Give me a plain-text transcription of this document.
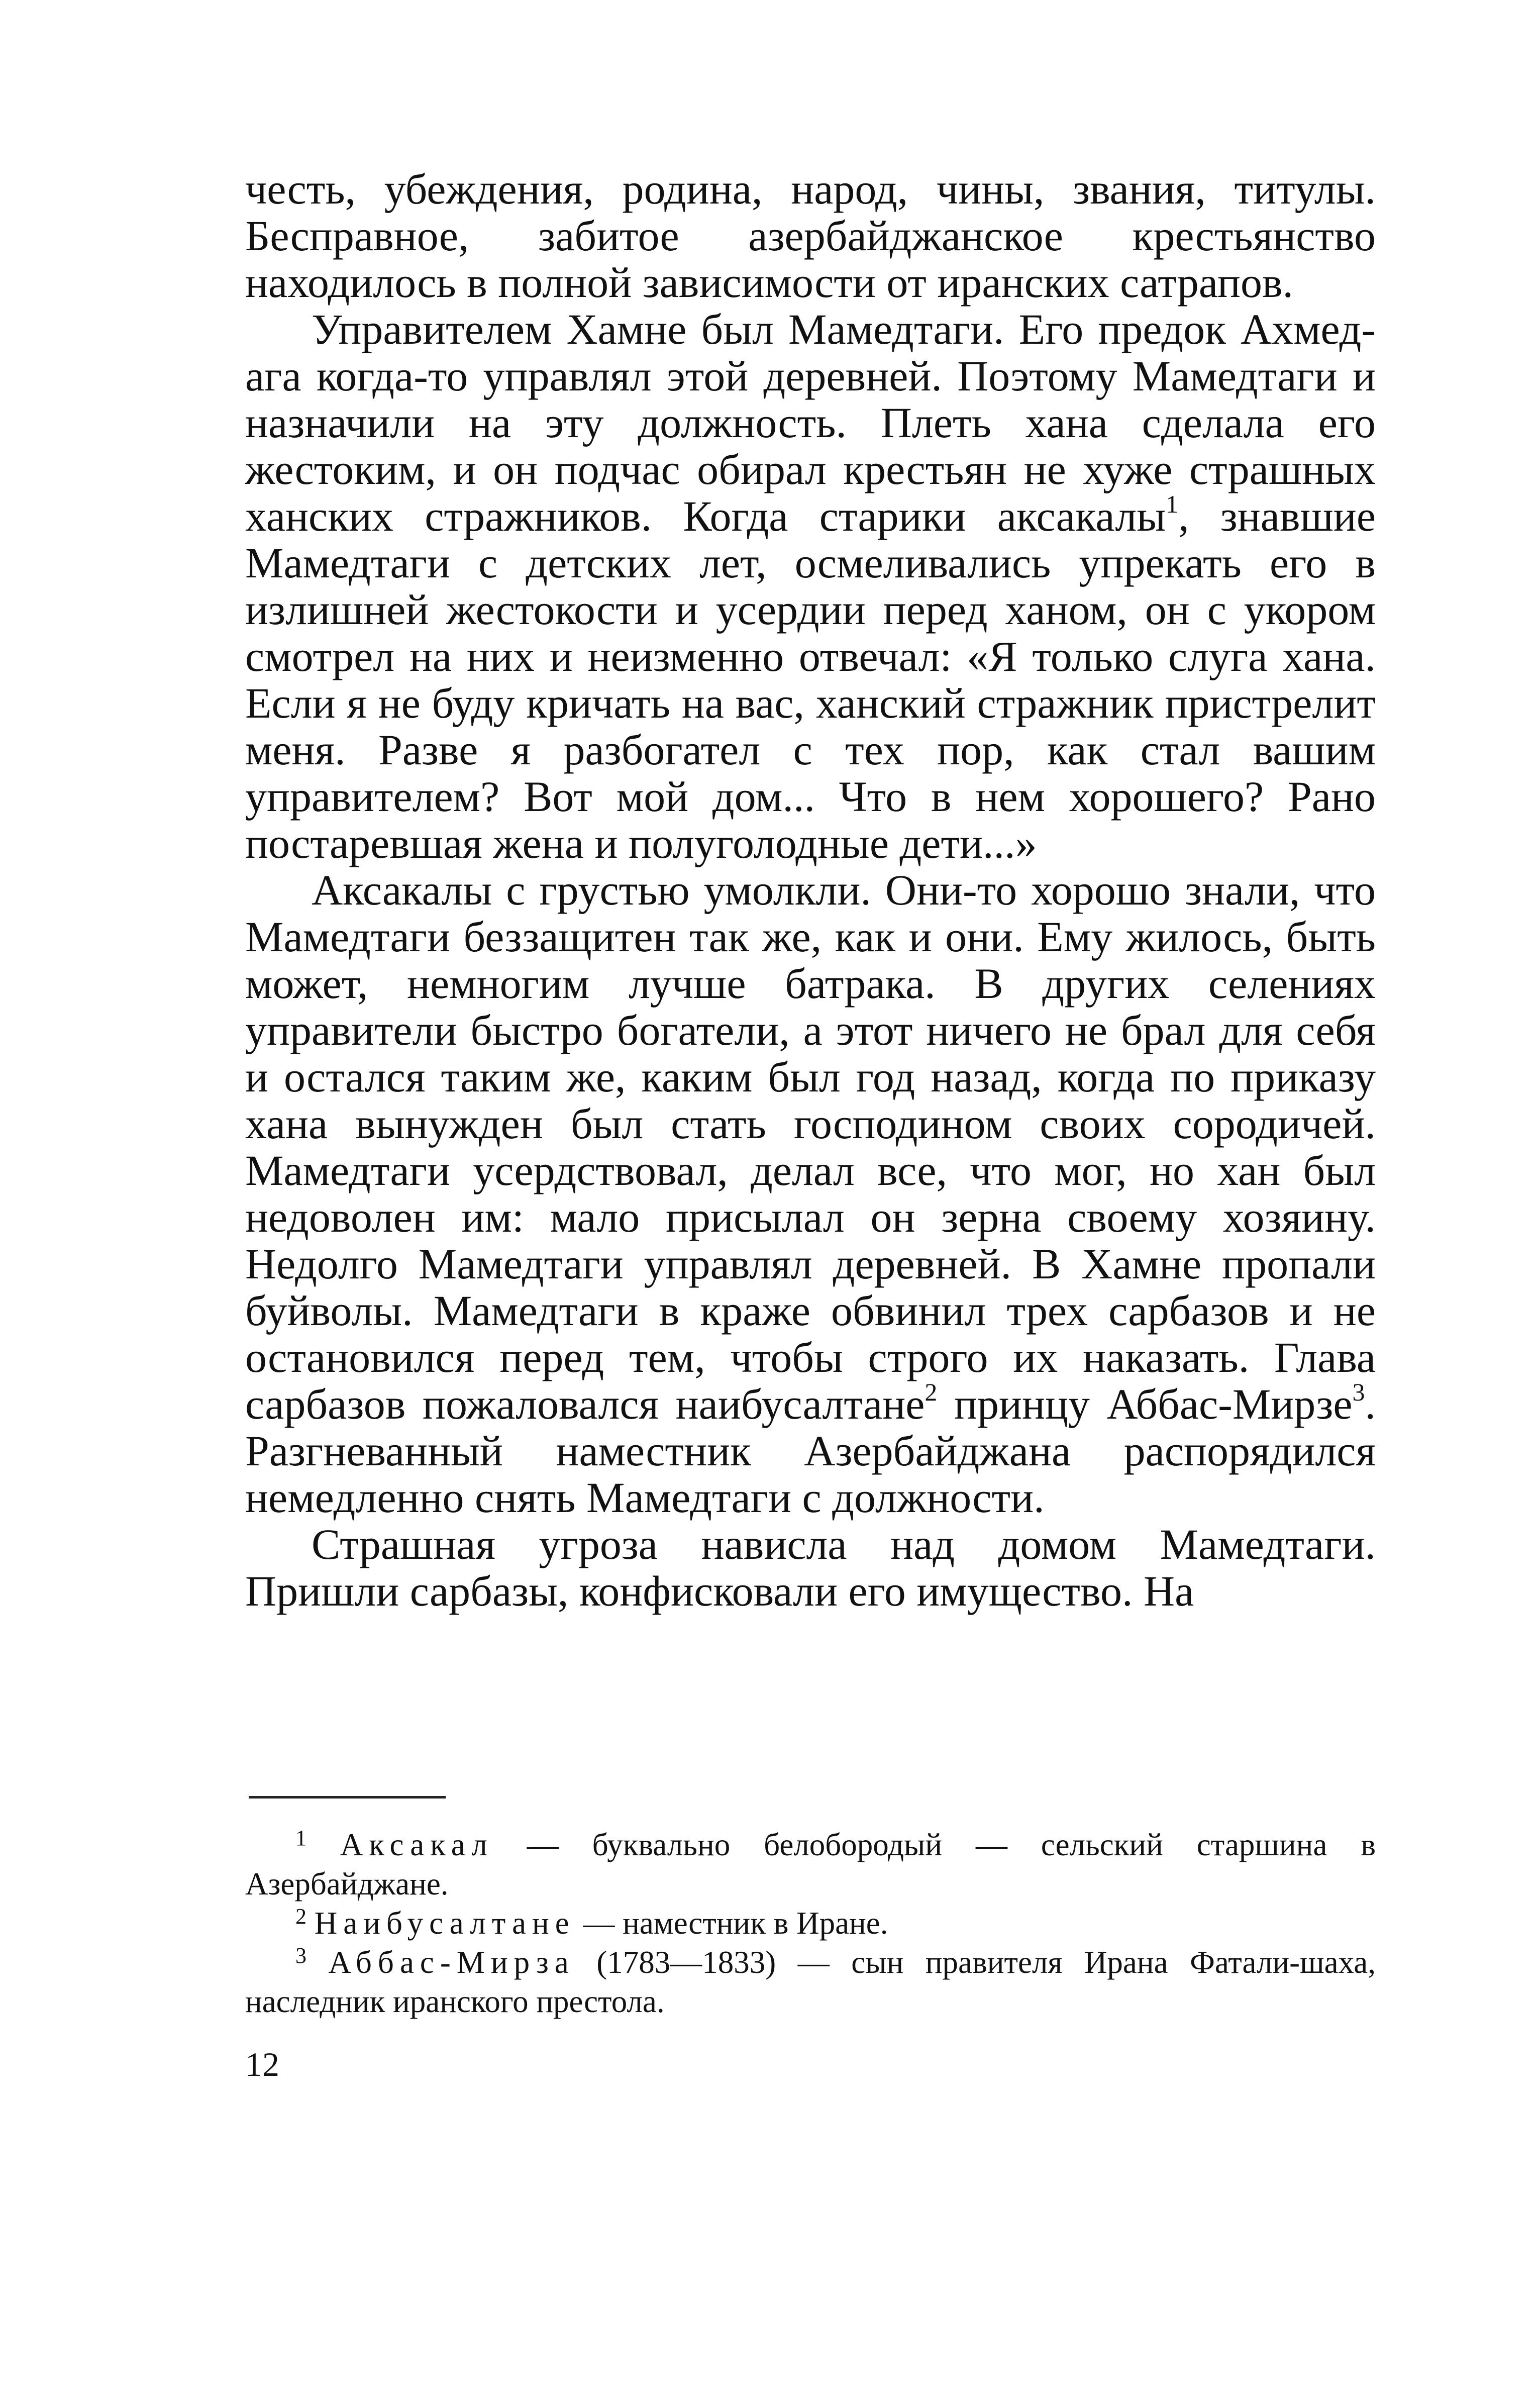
честь, убеждения, родина, народ, чины, звания, титулы. Бесправное, забитое азербайджанское крестьянство находилось в полной зависимости от иранских сатрапов.

Управителем Хамне был Мамедтаги. Его предок Ахмед-ага когда-то управлял этой деревней. Поэтому Мамедтаги и назначили на эту должность. Плеть хана сделала его жестоким, и он подчас обирал крестьян не хуже страшных ханских стражников. Когда старики аксакалы$^1$, знавшие Мамедтаги с детских лет, осмеливались упрекать его в излишней жестокости и усердии перед ханом, он с укором смотрел на них и неизменно отвечал: «Я только слуга хана. Если я не буду кричать на вас, ханский стражник пристрелит меня. Разве я разбогател с тех пор, как стал вашим управителем? Вот мой дом... Что в нем хорошего? Рано постаревшая жена и полуголодные дети...»

Аксакалы с грустью умолкли. Они-то хорошо знали, что Мамедтаги беззащитен так же, как и они. Ему жилось, быть может, немногим лучше батрака. В других селениях управители быстро богатели, а этот ничего не брал для себя и остался таким же, каким был год назад, когда по приказу хана вынужден был стать господином своих сородичей. Мамедтаги усердствовал, делал все, что мог, но хан был недоволен им: мало присылал он зерна своему хозяину. Недолго Мамедтаги управлял деревней. В Хамне пропали буйволы. Мамедтаги в краже обвинил трех сарбазов и не остановился перед тем, чтобы строго их наказать. Глава сарбазов пожаловался наибусалтане$^2$ принцу Аббас-Мирзе$^3$. Разгневанный наместник Азербайджана распорядился немедленно снять Мамедтаги с должности.

Страшная угроза нависла над домом Мамедтаги. Пришли сарбазы, конфисковали его имущество. На

$^1$ Аксакал — буквально белобородый — сельский старшина в Азербайджане.

$^2$ Наибусалтане — наместник в Иране.

$^3$ Аббас-Мирза (1783—1833) — сын правителя Ирана Фатали-шаха, наследник иранского престола.

12
